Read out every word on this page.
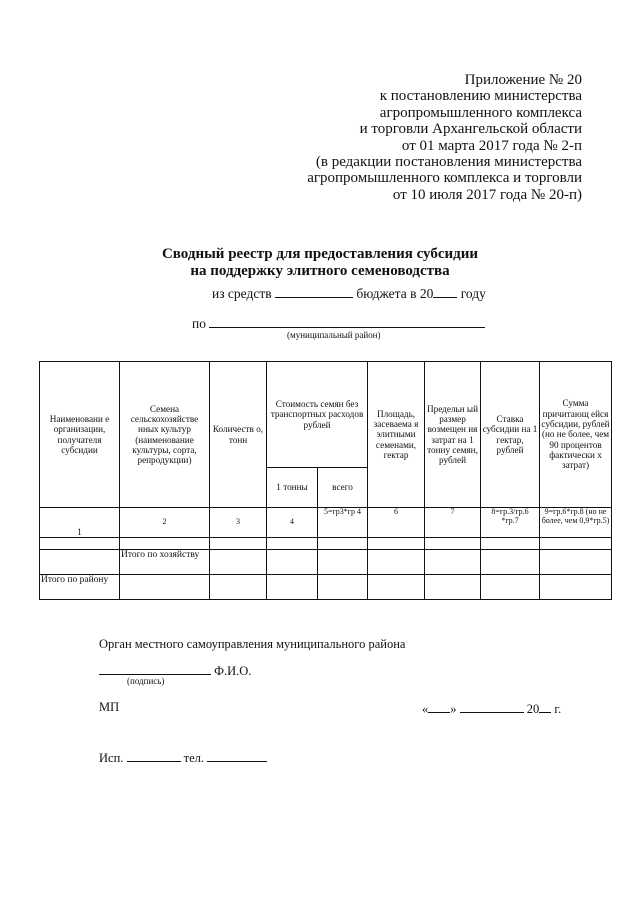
Приложение № 20
к постановлению министерства
агропромышленного комплекса
и торговли Архангельской области
от 01 марта 2017 года № 2-п
(в редакции постановления министерства
агропромышленного комплекса и торговли
от 10 июля 2017 года № 20-п)
Сводный реестр для предоставления субсидии
на поддержку элитного семеноводства
из средств	бюджета в 20 году
по
(муниципальный район)
Наименовани е организации, получателя субсидии	Семена сельскохозяйстве нных культур (наименование культуры, сорта, репродукции)	Количеств о, тонн	Стоимость семян без транспортных расходов рублей		Площадь, засеваема я элитными семенами, гектар	Предельн ый размер возмещен ия затрат на 1 тонну семян, рублей	Ставка субсидии на 1 гектар, рублей	Сумма причитающ ейся субсидии, рублей (но не более, чем 90 процентов фактически х затрат)
			1 тонны	всего				
1	2	3	4	5=гр3*гр 4	6	7	8=гр.3/гр.6 *гр.7	9=гр.6*гр.8 (но не более, чем 0,9*гр.5)

	Итого по хозяйству							
Итого по району								
Орган местного самоуправления муниципального района
Ф.И.О.
(подпись)
МП	« »	20 г.
Исп.	тел.
